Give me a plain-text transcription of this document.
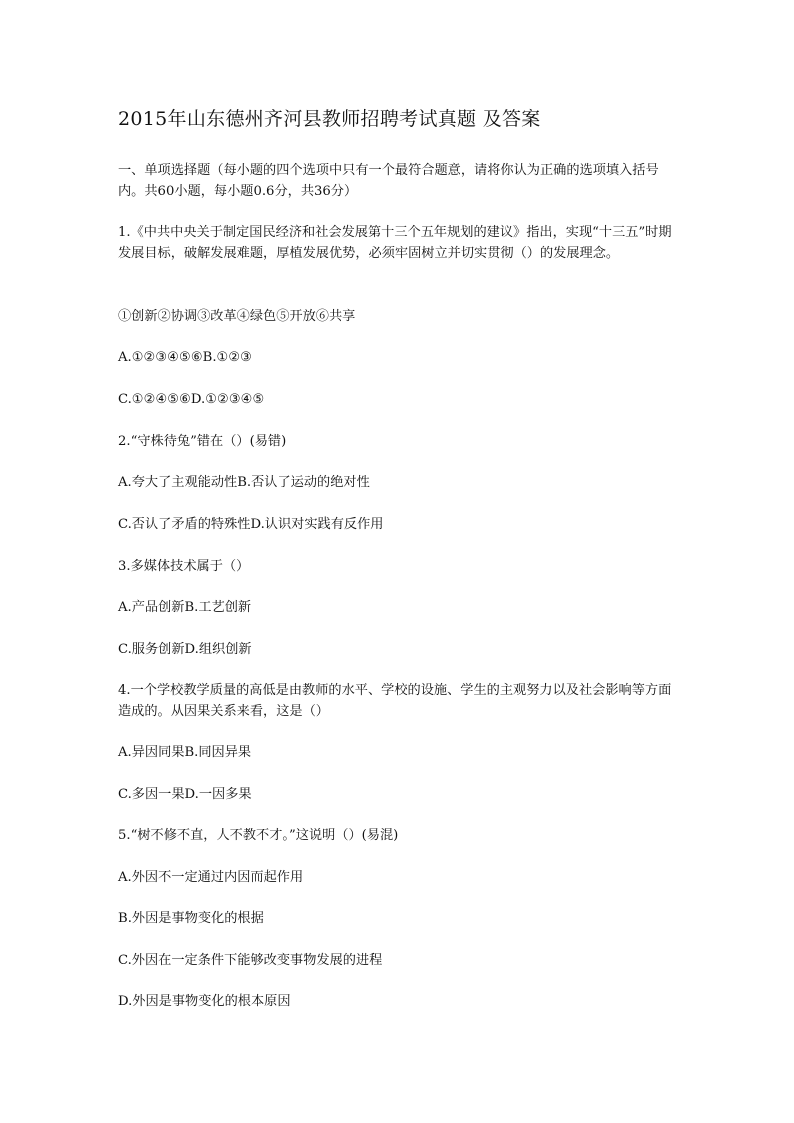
2015年山东德州齐河县教师招聘考试真题 及答案

一、单项选择题（每小题的四个选项中只有一个最符合题意，请将你认为正确的选项填入括号内。共60小题，每小题0.6分，共36分）

1.《中共中央关于制定国民经济和社会发展第十三个五年规划的建议》指出，实现“十三五”时期发展目标，破解发展难题，厚植发展优势，必须牢固树立并切实贯彻（）的发展理念。

①创新②协调③改革④绿色⑤开放⑥共享

A.①②③④⑤⑥B.①②③

C.①②④⑤⑥D.①②③④⑤

2.“守株待兔”错在（）(易错)

A.夸大了主观能动性B.否认了运动的绝对性

C.否认了矛盾的特殊性D.认识对实践有反作用

3.多媒体技术属于（）

A.产品创新B.工艺创新

C.服务创新D.组织创新

4.一个学校教学质量的高低是由教师的水平、学校的设施、学生的主观努力以及社会影响等方面造成的。从因果关系来看，这是（）

A.异因同果B.同因异果

C.多因一果D.一因多果

5.“树不修不直，人不教不才。”这说明（）(易混)

A.外因不一定通过内因而起作用

B.外因是事物变化的根据

C.外因在一定条件下能够改变事物发展的进程

D.外因是事物变化的根本原因
